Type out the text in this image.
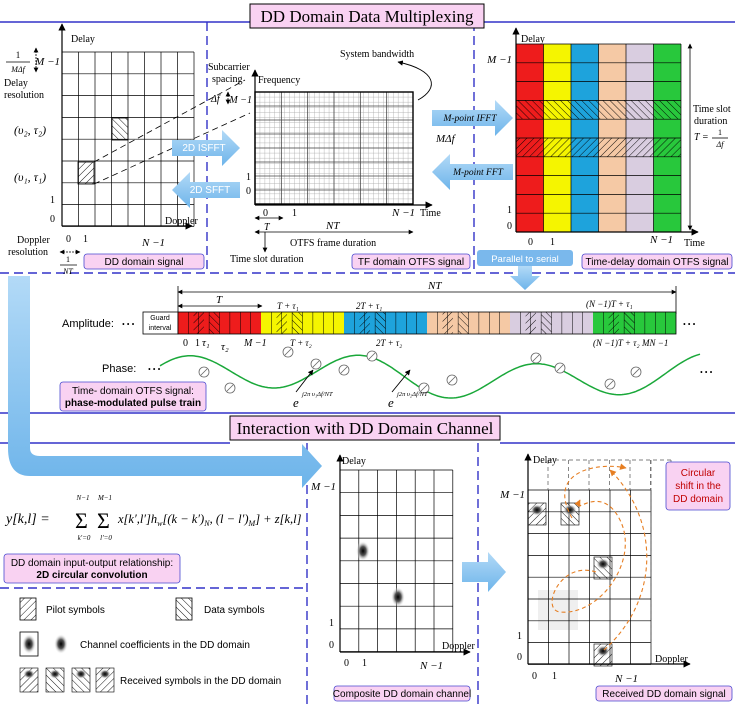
DD Domain Data Multiplexing
Interaction with DD Domain Channel
Delay
Doppler
1
MΔf
M −1
Delay
resolution
(υ₂, τ₂)
(υ₁, τ₁)
1
0
0 1	N −1
Doppler
resolution
1
NT
DD domain signal
2D ISFFT
2D SFFT
Subcarrier
spacing
Δf M −1
Frequency
System bandwidth
MΔf
1
0
0 1
T	NT
N −1 Time
OTFS frame duration
Time slot duration	TF domain OTFS signal
M-point IFFT
M-point FFT
Delay
M −1
1
0
0 1	N −1 Time
Time slot
duration
T = 1
Δf
Parallel to serial	Time-delay domain OTFS signal
NT
T
Amplitude: • • •
Guard
interval	• • •
T + τ₁	2T + τ₁	(N −1)T + τ₁
0 1 τ₁ τ₂ M −1	T + τ₂	2T + τ₂	(N −1)T + τ₂ MN −1
Phase: • • •	• • •
e
j2π υ₁Δf/NT
e
j2π υ₂Δf/NT
Time- domain OTFS signal:
phase-modulated pulse train
y[k,l] =
N−1
Σ
k′=0
M−1
Σ
l′=0
$x[k',l']h_w[(k - k')_N$, $(l - l')_M] + z[k,l]$
DD domain input-output relationship:
2D circular convolution
Pilot symbols	Data symbols
Channel coefficients in the DD domain
Received symbols in the DD domain
Delay
M −1
1
0
0 1
Doppler
N −1
Composite DD domain channel
Delay
M −1
1
0
0 1
Doppler
N −1
Circular
shift in the
DD domain
Received DD domain signal
